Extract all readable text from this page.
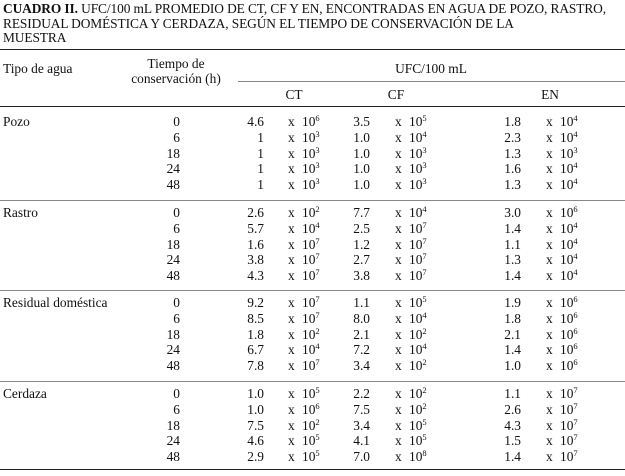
CUADRO II. UFC/100 mL PROMEDIO DE CT, CF Y EN, ENCONTRADAS EN AGUA DE POZO, RASTRO,
RESIDUAL DOMÉSTICA Y CERDAZA, SEGÚN EL TIEMPO DE CONSERVACIÓN DE LA
MUESTRA
Tipo de agua	Tiempo de
conservación (h)
UFC/100 mL
CT	CF	EN
Pozo	0	4.6 x $10^6$	3.5 x $10^5$	1.8 x $10^4$
6	1 x $10^3$	1.0 x $10^4$	2.3 x $10^4$
18	1 x $10^3$	1.0 x $10^3$	1.3 x $10^3$
24	1 x $10^3$	1.0 x $10^3$	1.6 x $10^4$
48	1 x $10^3$	1.0 x $10^3$	1.3 x $10^4$
Rastro	0	2.6 x $10^2$	7.7 x $10^4$	3.0 x $10^6$
6	5.7 x $10^4$	2.5 x $10^7$	1.4 x $10^4$
18	1.6 x $10^7$	1.2 x $10^7$	1.1 x $10^4$
24	3.8 x $10^7$	2.7 x $10^7$	1.3 x $10^4$
48	4.3 x $10^7$	3.8 x $10^7$	1.4 x $10^4$
Residual doméstica	0	9.2 x $10^7$	1.1 x $10^5$	1.9 x $10^6$
6	8.5 x $10^7$	8.0 x $10^4$	1.8 x $10^6$
18	1.8 x $10^2$	2.1 x $10^2$	2.1 x $10^6$
24	6.7 x $10^4$	7.2 x $10^4$	1.4 x $10^6$
48	7.8 x $10^7$	3.4 x $10^2$	1.0 x $10^6$
Cerdaza	0	1.0 x $10^5$	2.2 x $10^2$	1.1 x $10^7$
6	1.0 x $10^6$	7.5 x $10^2$	2.6 x $10^7$
18	7.5 x $10^2$	3.4 x $10^5$	4.3 x $10^7$
24	4.6 x $10^5$	4.1 x $10^5$	1.5 x $10^7$
48	2.9 x $10^5$	7.0 x $10^8$	1.4 x $10^7$
